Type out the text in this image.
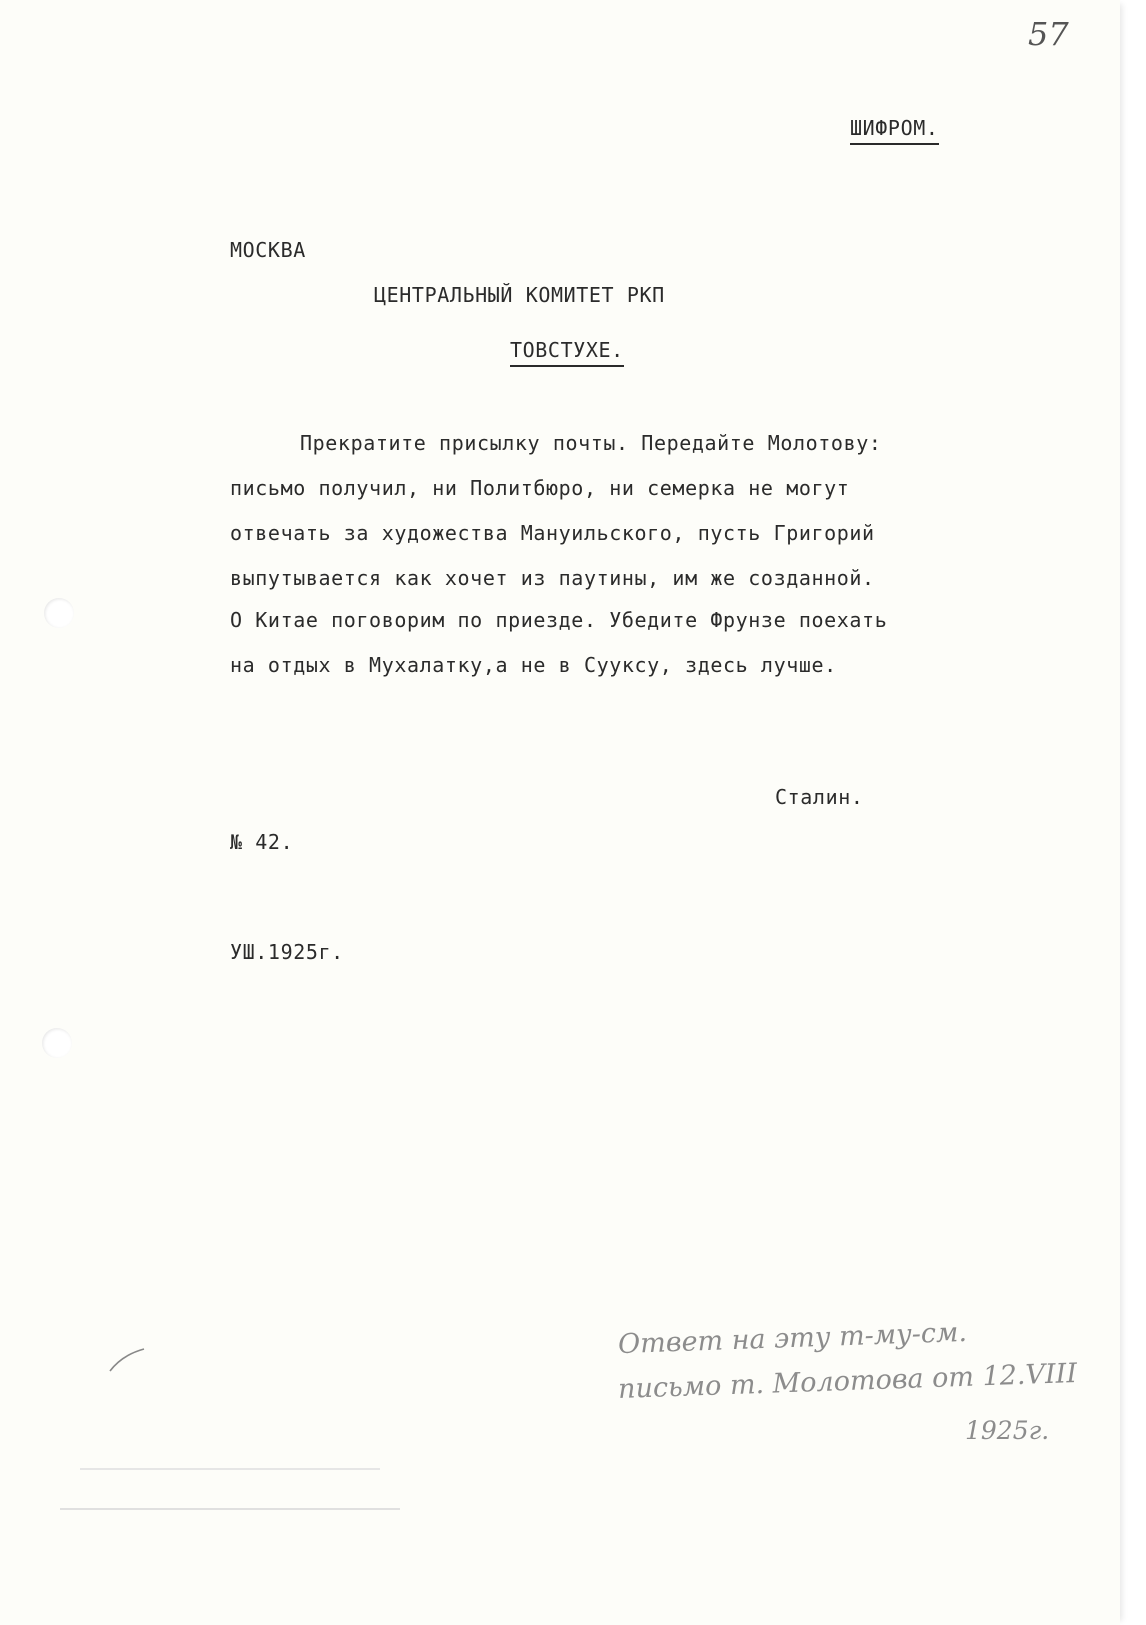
57
ШИФРОМ.
МОСКВА
ЦЕНТРАЛЬНЫЙ КОМИТЕТ РКП
ТОВСТУХЕ.
Прекратите присылку почты. Передайте Молотову:
письмо получил, ни Политбюро, ни семерка не могут
отвечать за художества Мануильского, пусть Григорий
выпутывается как хочет из паутины, им же созданной.
О Китае поговорим по приезде. Убедите Фрунзе поехать
на отдых в Мухалатку,а не в Сууксу, здесь лучше.
Сталин.
№ 42.
УШ.1925г.
Ответ на эту т-му-см.
письмо т. Молотова от 12.VIII
1925г.
